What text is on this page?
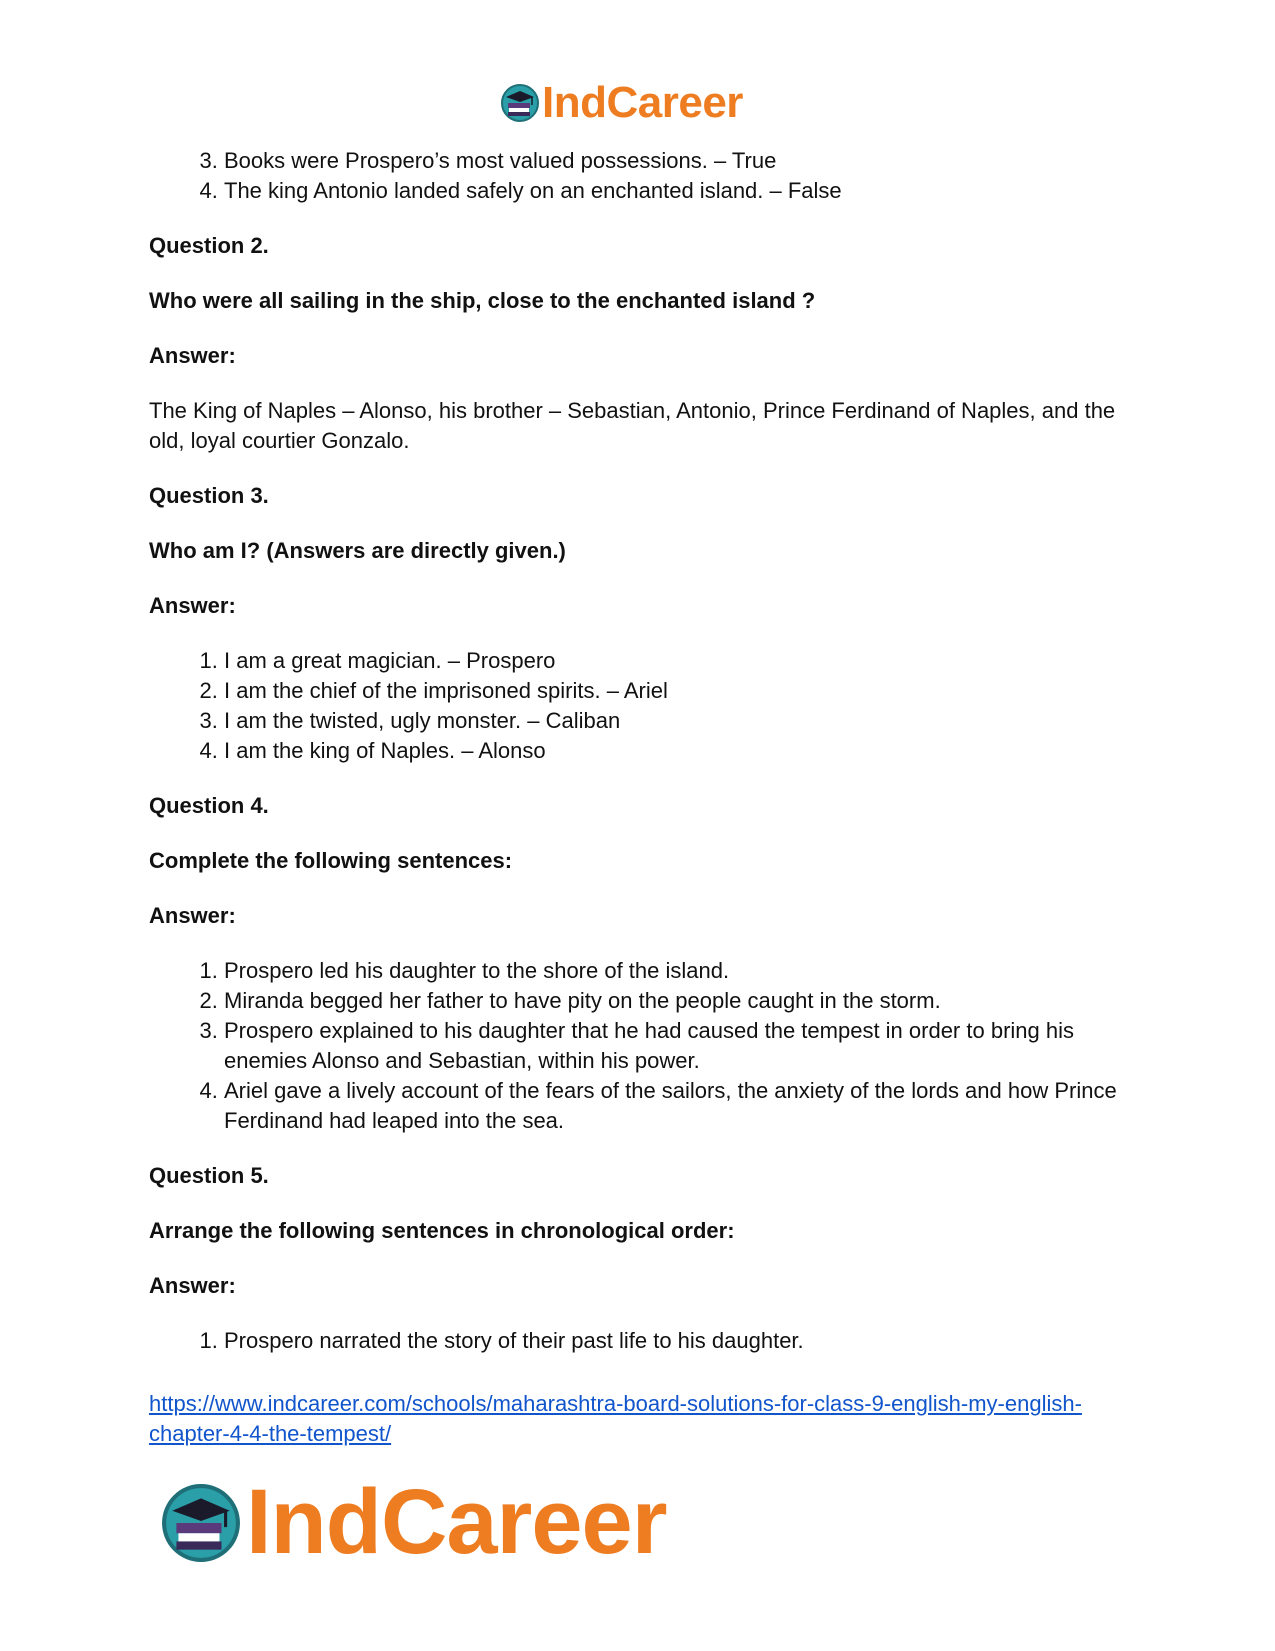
IndCareer
3. Books were Prospero’s most valued possessions. – True
4. The king Antonio landed safely on an enchanted island. – False

Question 2.

Who were all sailing in the ship, close to the enchanted island ?

Answer:

The King of Naples – Alonso, his brother – Sebastian, Antonio, Prince Ferdinand of Naples, and the old, loyal courtier Gonzalo.

Question 3.

Who am I? (Answers are directly given.)

Answer:

1. I am a great magician. – Prospero
2. I am the chief of the imprisoned spirits. – Ariel
3. I am the twisted, ugly monster. – Caliban
4. I am the king of Naples. – Alonso

Question 4.

Complete the following sentences:

Answer:

1. Prospero led his daughter to the shore of the island.
2. Miranda begged her father to have pity on the people caught in the storm.
3. Prospero explained to his daughter that he had caused the tempest in order to bring his enemies Alonso and Sebastian, within his power.
4. Ariel gave a lively account of the fears of the sailors, the anxiety of the lords and how Prince Ferdinand had leaped into the sea.

Question 5.

Arrange the following sentences in chronological order:

Answer:

1. Prospero narrated the story of their past life to his daughter.

https://www.indcareer.com/schools/maharashtra-board-solutions-for-class-9-english-my-english-chapter-4-4-the-tempest/

IndCareer
